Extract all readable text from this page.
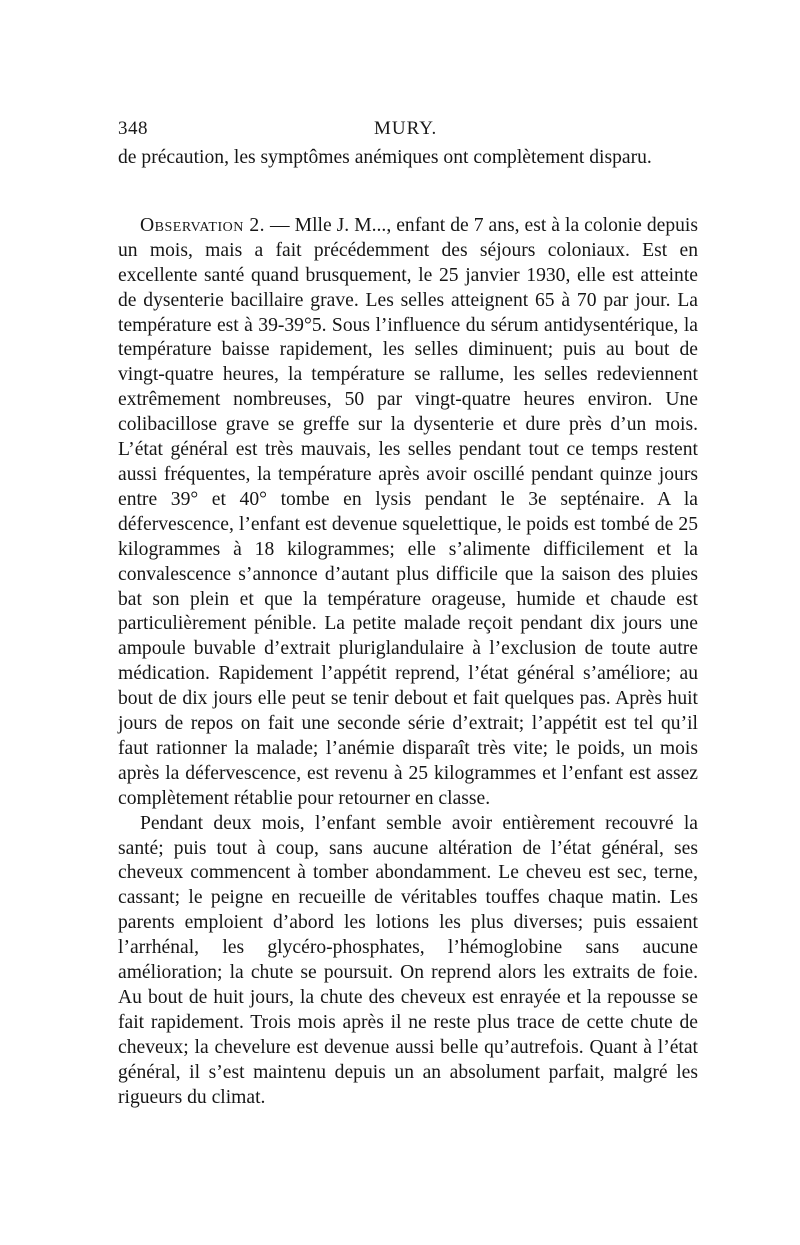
348	MURY.

de précaution, les symptômes anémiques ont complètement disparu.

Observation 2. — Mlle J. M..., enfant de 7 ans, est à la colonie depuis un mois, mais a fait précédemment des séjours coloniaux. Est en excellente santé quand brusquement, le 25 janvier 1930, elle est atteinte de dysenterie bacillaire grave. Les selles atteignent 65 à 70 par jour. La température est à 39-39°5. Sous l’influence du sérum antidysentérique, la température baisse rapidement, les selles diminuent; puis au bout de vingt-quatre heures, la température se rallume, les selles redeviennent extrêmement nombreuses, 50 par vingt-quatre heures environ. Une colibacillose grave se greffe sur la dysenterie et dure près d’un mois. L’état général est très mauvais, les selles pendant tout ce temps restent aussi fréquentes, la température après avoir oscillé pendant quinze jours entre 39° et 40° tombe en lysis pendant le 3e septénaire. A la défervescence, l’enfant est devenue squelettique, le poids est tombé de 25 kilogrammes à 18 kilogrammes; elle s’alimente difficilement et la convalescence s’annonce d’autant plus difficile que la saison des pluies bat son plein et que la température orageuse, humide et chaude est particulièrement pénible. La petite malade reçoit pendant dix jours une ampoule buvable d’extrait pluriglandulaire à l’exclusion de toute autre médication. Rapidement l’appétit reprend, l’état général s’améliore; au bout de dix jours elle peut se tenir debout et fait quelques pas. Après huit jours de repos on fait une seconde série d’extrait; l’appétit est tel qu’il faut rationner la malade; l’anémie disparaît très vite; le poids, un mois après la défervescence, est revenu à 25 kilogrammes et l’enfant est assez complètement rétablie pour retourner en classe.

Pendant deux mois, l’enfant semble avoir entièrement recouvré la santé; puis tout à coup, sans aucune altération de l’état général, ses cheveux commencent à tomber abondamment. Le cheveu est sec, terne, cassant; le peigne en recueille de véritables touffes chaque matin. Les parents emploient d’abord les lotions les plus diverses; puis essaient l’arrhénal, les glycéro-phosphates, l’hémoglobine sans aucune amélioration; la chute se poursuit. On reprend alors les extraits de foie. Au bout de huit jours, la chute des cheveux est enrayée et la repousse se fait rapidement. Trois mois après il ne reste plus trace de cette chute de cheveux; la chevelure est devenue aussi belle qu’autrefois. Quant à l’état général, il s’est maintenu depuis un an absolument parfait, malgré les rigueurs du climat.
